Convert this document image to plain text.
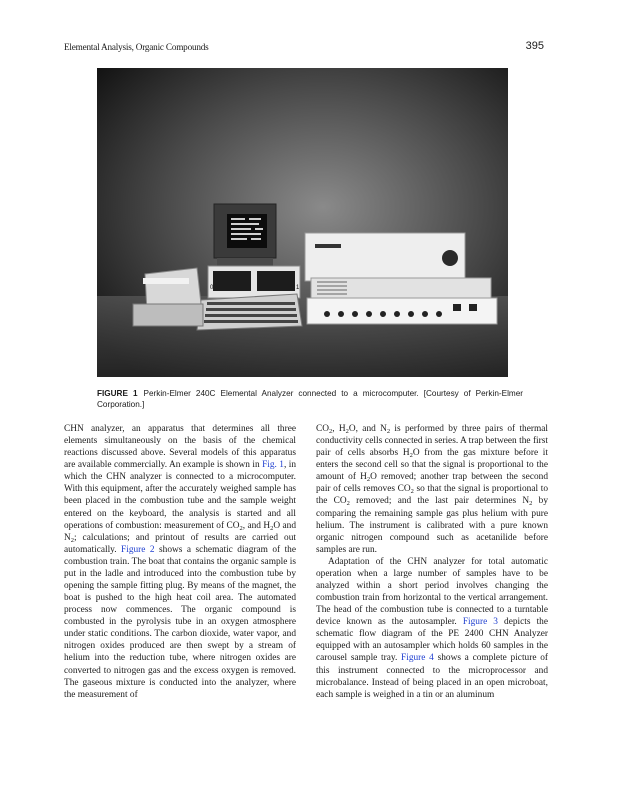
Elemental Analysis, Organic Compounds	395
0	1
FIGURE 1 Perkin-Elmer 240C Elemental Analyzer connected to a microcomputer. [Courtesy of Perkin-Elmer Corporation.]

CHN analyzer, an apparatus that determines all three elements simultaneously on the basis of the chemical reactions discussed above. Several models of this apparatus are available commercially. An example is shown in Fig. 1, in which the CHN analyzer is connected to a microcomputer. With this equipment, after the accurately weighed sample has been placed in the combustion tube and the sample weight entered on the keyboard, the analysis is started and all operations of combustion: measurement of $CO_2$, and $H_2O$ and $N_2$; calculations; and printout of results are carried out automatically. Figure 2 shows a schematic diagram of the combustion train. The boat that contains the organic sample is put in the ladle and introduced into the combustion tube by opening the sample fitting plug. By means of the magnet, the boat is pushed to the high heat coil area. The automated process now commences. The organic compound is combusted in the pyrolysis tube in an oxygen atmosphere under static conditions. The carbon dioxide, water vapor, and nitrogen oxides produced are then swept by a stream of helium into the reduction tube, where nitrogen oxides are converted to nitrogen gas and the excess oxygen is removed. The gaseous mixture is conducted into the analyzer, where the measurement of

$CO_2$, $H_2O$, and $N_2$ is performed by three pairs of thermal conductivity cells connected in series. A trap between the first pair of cells absorbs $H_2O$ from the gas mixture before it enters the second cell so that the signal is proportional to the amount of $H_2O$ removed; another trap between the second pair of cells removes $CO_2$ so that the signal is proportional to the $CO_2$ removed; and the last pair determines $N_2$ by comparing the remaining sample gas plus helium with pure helium. The instrument is calibrated with a pure known organic nitrogen compound such as acetanilide before samples are run.

Adaptation of the CHN analyzer for total automatic operation when a large number of samples have to be analyzed within a short period involves changing the combustion train from horizontal to the vertical arrangement. The head of the combustion tube is connected to a turntable device known as the autosampler. Figure 3 depicts the schematic flow diagram of the PE 2400 CHN Analyzer equipped with an autosampler which holds 60 samples in the carousel sample tray. Figure 4 shows a complete picture of this instrument connected to the microprocessor and microbalance. Instead of being placed in an open microboat, each sample is weighed in a tin or an aluminum
